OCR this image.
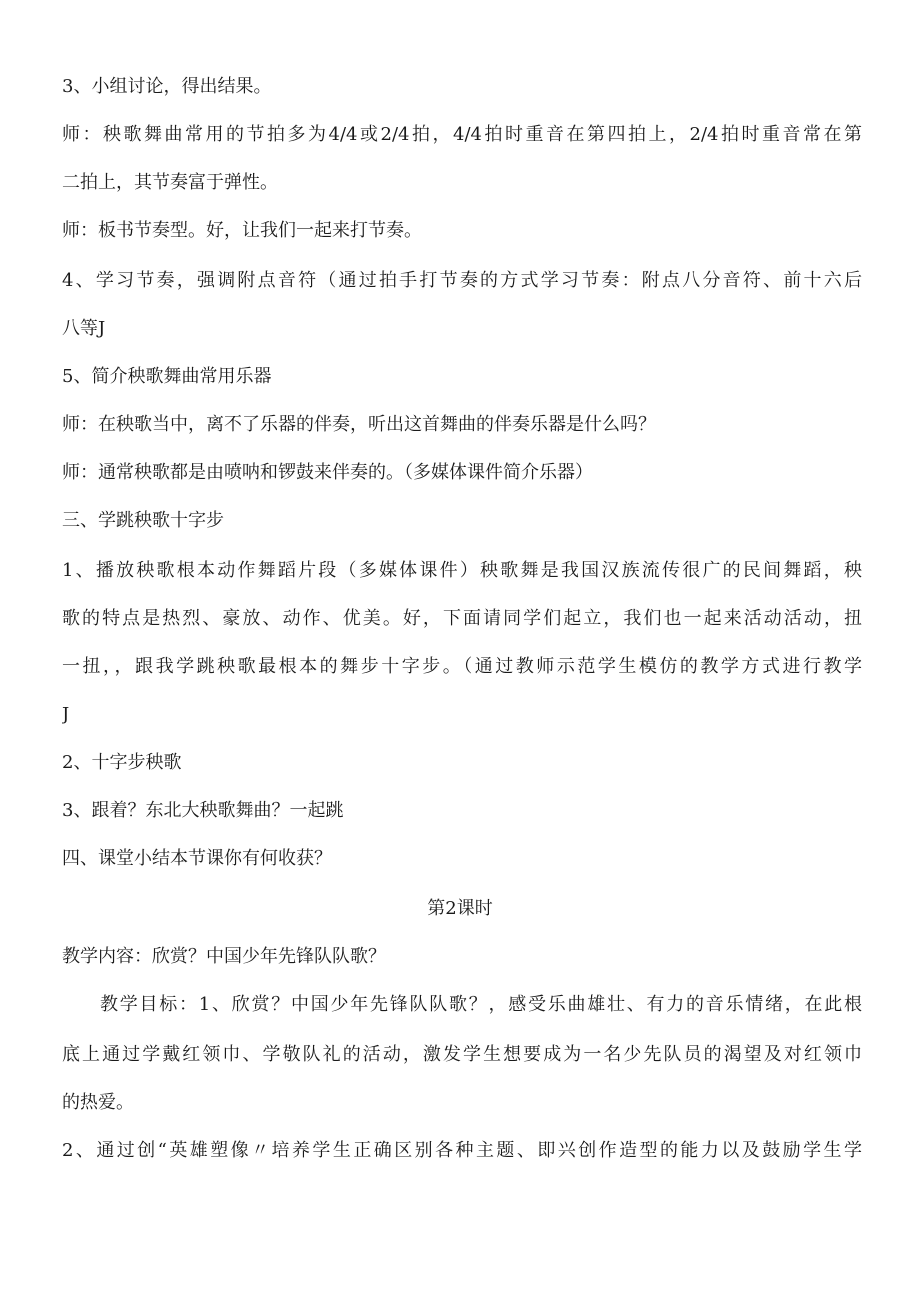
3、小组讨论，得出结果。
师：秧歌舞曲常用的节拍多为4/4或2/4拍，4/4拍时重音在第四拍上，2/4拍时重音常在第
二拍上，其节奏富于弹性。
师：板书节奏型。好，让我们一起来打节奏。
4、学习节奏，强调附点音符（通过拍手打节奏的方式学习节奏：附点八分音符、前十六后
八等J
5、简介秧歌舞曲常用乐器
师：在秧歌当中，离不了乐器的伴奏，听出这首舞曲的伴奏乐器是什么吗？
师：通常秧歌都是由喷呐和锣鼓来伴奏的。（多媒体课件简介乐器）
三、学跳秧歌十字步
1、播放秧歌根本动作舞蹈片段（多媒体课件）秧歌舞是我国汉族流传很广的民间舞蹈，秧
歌的特点是热烈、豪放、动作、优美。好，下面请同学们起立，我们也一起来活动活动，扭
一扭，，跟我学跳秧歌最根本的舞步十字步。（通过教师示范学生模仿的教学方式进行教学
J
2、十字步秧歌
3、跟着？东北大秧歌舞曲？一起跳
四、课堂小结本节课你有何收获？
第2课时
教学内容：欣赏？中国少年先锋队队歌？
教学目标：1、欣赏？中国少年先锋队队歌？，感受乐曲雄壮、有力的音乐情绪，在此根
底上通过学戴红领巾、学敬队礼的活动，激发学生想要成为一名少先队员的渴望及对红领巾
的热爱。
2、通过创“英雄塑像〃培养学生正确区别各种主题、即兴创作造型的能力以及鼓励学生学
